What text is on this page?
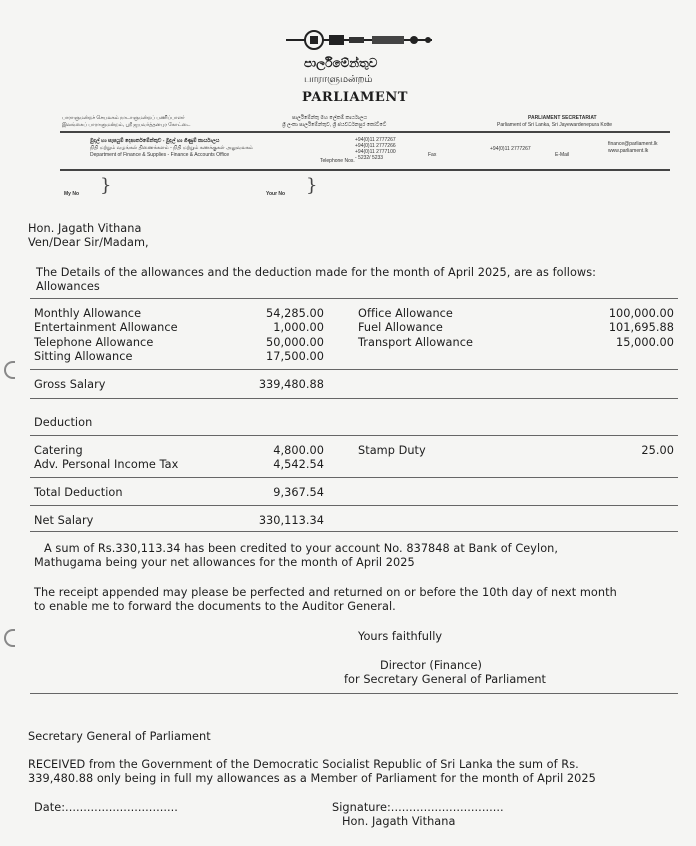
පාර්ලිමේන්තුව
பாராளுமன்றம்
PARLIAMENT
பாராளுமன்றச் செயலகம் நாடாளுமன்றப் பணிப்பாளர்
இலங்கைப் பாராளுமன்றம், ஸ்ரீ ஜயவர்த்தனபுர கோட்டை
පාර්ලිමේන්තු මහ ලේකම් කාර්යාලය
ශ්‍රී ලංකා පාර්ලිමේන්තුව, ශ්‍රී ජයවර්ධනපුර කෝට්ටේ
PARLIAMENT SECRETARIAT
Parliament of Sri Lanka, Sri Jayewardenepura Kotte
මුදල් හා සැපයුම් දෙපාර්තමේන්තුව - මුදල් හා ගිණුම් කාර්යාලය
நிதி மற்றும் வழங்கல் திணைக்களம் - நிதி மற்றும் கணக்குகள் அலுவலகம்
Department of Finance & Supplies - Finance & Accounts Office
Telephone Nos.
+94(0)11 2777267
+94(0)11 2777266
+94(0)11 2777100
- 5232/ 5233	Fax
+94(0)11 2777267
E-Mail
finance@parliament.lk
www.parliament.lk
My No }	Your No }
Hon. Jagath Vithana
Ven/Dear Sir/Madam,
The Details of the allowances and the deduction made for the month of April 2025, are as follows:
Allowances
Monthly Allowance	54,285.00
Entertainment Allowance	1,000.00
Telephone Allowance	50,000.00
Sitting Allowance	17,500.00
Office Allowance	100,000.00
Fuel Allowance	101,695.88
Transport Allowance	15,000.00
Gross Salary	339,480.88
Deduction
Catering	4,800.00
Adv. Personal Income Tax	4,542.54
Stamp Duty	25.00
Total Deduction	9,367.54
Net Salary	330,113.34
A sum of Rs.330,113.34 has been credited to your account No. 837848 at Bank of Ceylon,
Mathugama being your net allowances for the month of April 2025
The receipt appended may please be perfected and returned on or before the 10th day of next month
to enable me to forward the documents to the Auditor General.
Yours faithfully
Director (Finance)
for Secretary General of Parliament
Secretary General of Parliament
RECEIVED from the Government of the Democratic Socialist Republic of Sri Lanka the sum of Rs.
339,480.88 only being in full my allowances as a Member of Parliament for the month of April 2025
Date:...............................	Signature:...............................
Hon. Jagath Vithana
